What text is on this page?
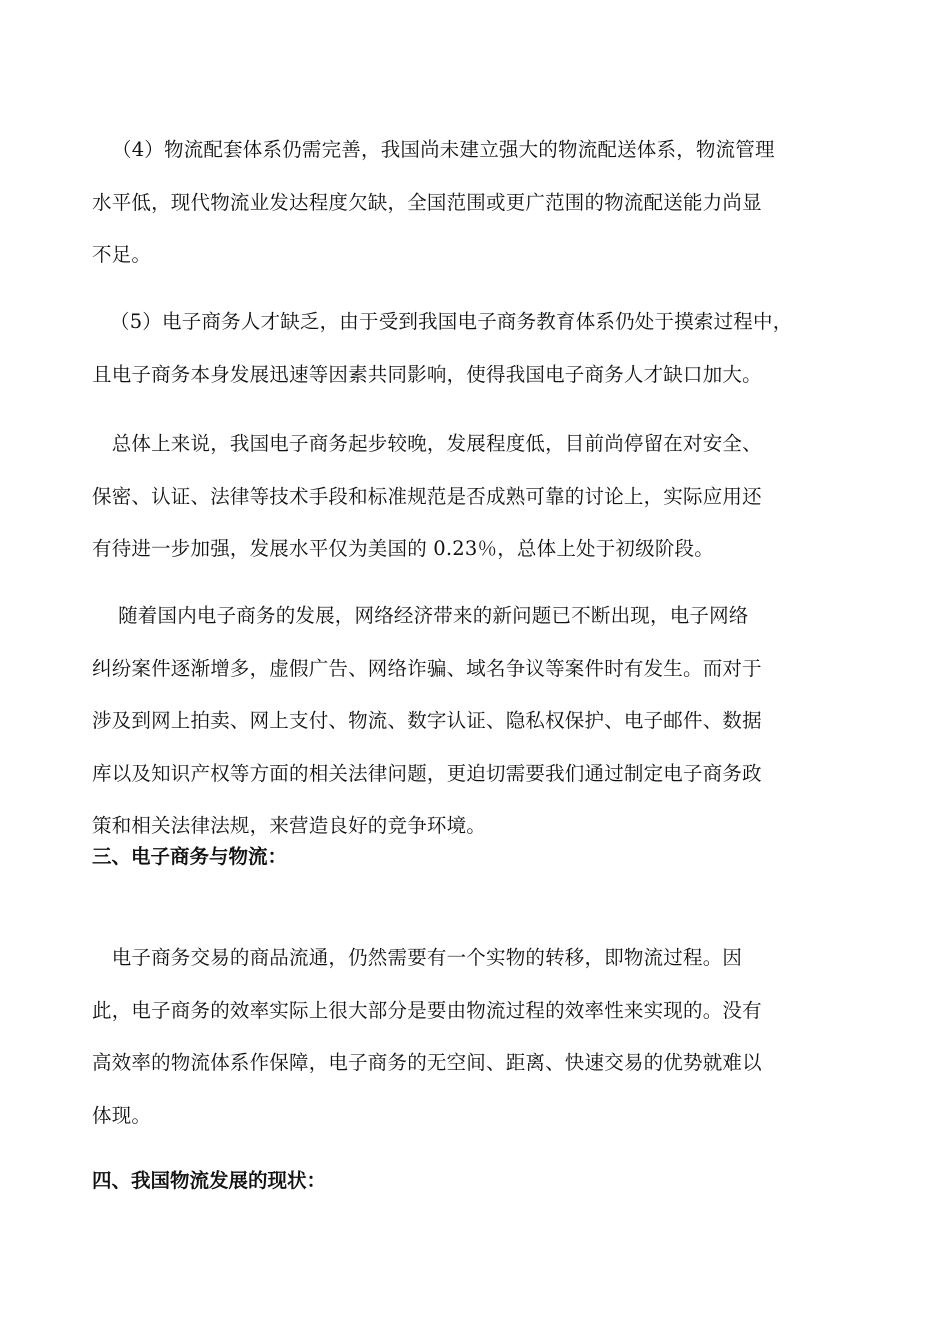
（4）物流配套体系仍需完善，我国尚未建立强大的物流配送体系，物流管理
水平低，现代物流业发达程度欠缺，全国范围或更广范围的物流配送能力尚显
不足。
（5）电子商务人才缺乏，由于受到我国电子商务教育体系仍处于摸索过程中，
且电子商务本身发展迅速等因素共同影响，使得我国电子商务人才缺口加大。
　总体上来说，我国电子商务起步较晚，发展程度低，目前尚停留在对安全、
保密、认证、法律等技术手段和标准规范是否成熟可靠的讨论上，实际应用还
有待进一步加强，发展水平仅为美国的 0.23％，总体上处于初级阶段。
　 随着国内电子商务的发展，网络经济带来的新问题已不断出现，电子网络
纠纷案件逐渐增多，虚假广告、网络诈骗、域名争议等案件时有发生。而对于
涉及到网上拍卖、网上支付、物流、数字认证、隐私权保护、电子邮件、数据
库以及知识产权等方面的相关法律问题，更迫切需要我们通过制定电子商务政
策和相关法律法规，来营造良好的竞争环境。
三、电子商务与物流：
　电子商务交易的商品流通，仍然需要有一个实物的转移，即物流过程。因
此，电子商务的效率实际上很大部分是要由物流过程的效率性来实现的。没有
高效率的物流体系作保障，电子商务的无空间、距离、快速交易的优势就难以
体现。
四、我国物流发展的现状：
